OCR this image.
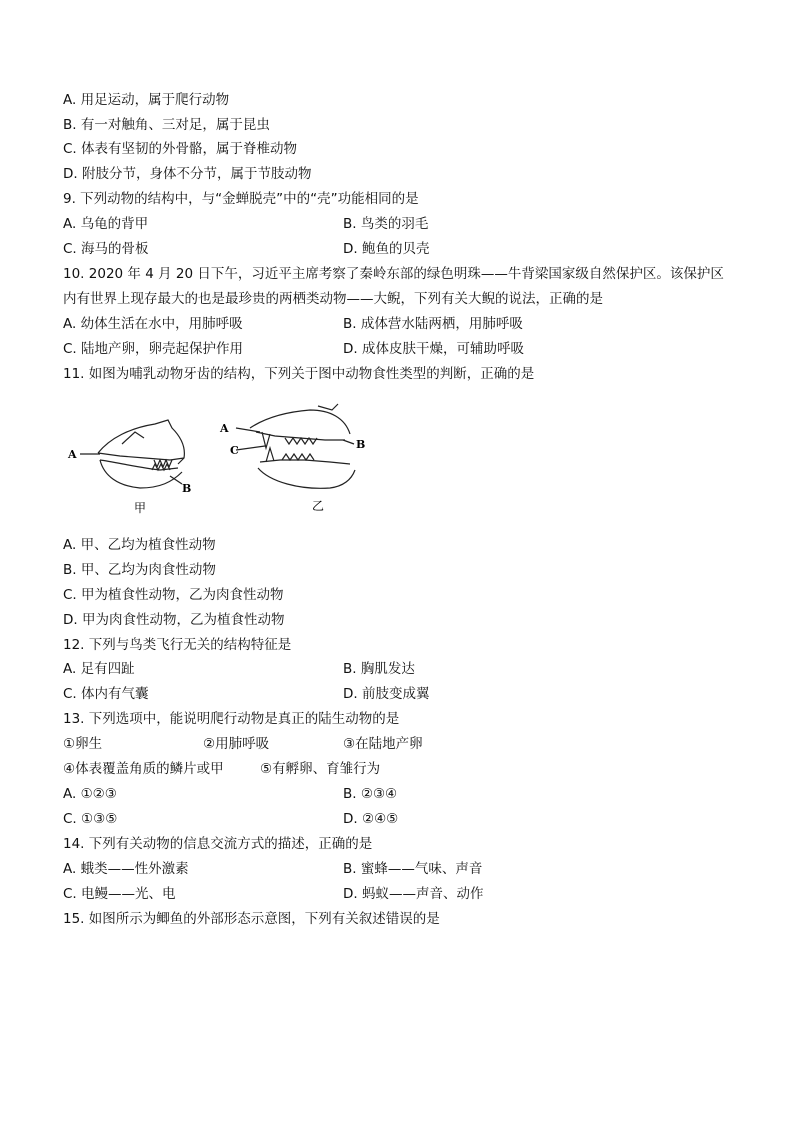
A. 用足运动，属于爬行动物
B. 有一对触角、三对足，属于昆虫
C. 体表有坚韧的外骨骼，属于脊椎动物
D. 附肢分节，身体不分节，属于节肢动物
9. 下列动物的结构中，与“金蝉脱壳”中的“壳”功能相同的是
A. 乌龟的背甲	B. 鸟类的羽毛
C. 海马的骨板	D. 鲍鱼的贝壳
10. 2020 年 4 月 20 日下午，习近平主席考察了秦岭东部的绿色明珠——牛背梁国家级自然保护区。该保护区
内有世界上现存最大的也是最珍贵的两栖类动物——大鲵，下列有关大鲵的说法，正确的是
A. 幼体生活在水中，用肺呼吸	B. 成体营水陆两栖，用肺呼吸
C. 陆地产卵，卵壳起保护作用	D. 成体皮肤干燥，可辅助呼吸
11. 如图为哺乳动物牙齿的结构，下列关于图中动物食性类型的判断，正确的是
A
B
甲
A
C	B
乙
A. 甲、乙均为植食性动物
B. 甲、乙均为肉食性动物
C. 甲为植食性动物，乙为肉食性动物
D. 甲为肉食性动物，乙为植食性动物
12. 下列与鸟类飞行无关的结构特征是
A. 足有四趾	B. 胸肌发达
C. 体内有气囊	D. 前肢变成翼
13. 下列选项中，能说明爬行动物是真正的陆生动物的是
①卵生	②用肺呼吸	③在陆地产卵
④体表覆盖角质的鳞片或甲	⑤有孵卵、育雏行为
A. ①②③	B. ②③④
C. ①③⑤	D. ②④⑤
14. 下列有关动物的信息交流方式的描述，正确的是
A. 蛾类——性外激素	B. 蜜蜂——气味、声音
C. 电鳗——光、电	D. 蚂蚁——声音、动作
15. 如图所示为鲫鱼的外部形态示意图，下列有关叙述错误的是
